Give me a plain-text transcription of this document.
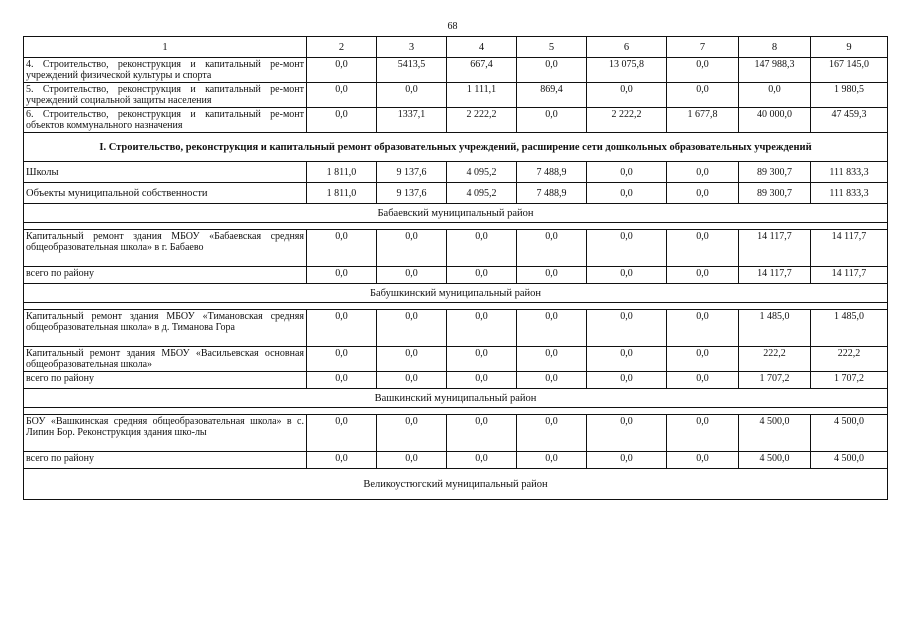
68
1	2	3	4	5	6	7	8	9
4. Строительство, реконструкция и капитальный ре-монт учреждений физической культуры и спорта	0,0	5413,5	667,4	0,0	13 075,8	0,0	147 988,3	167 145,0
5. Строительство, реконструкция и капитальный ре-монт учреждений социальной защиты населения	0,0	0,0	1 111,1	869,4	0,0	0,0	0,0	1 980,5
6. Строительство, реконструкция и капитальный ре-монт объектов коммунального назначения	0,0	1337,1	2 222,2	0,0	2 222,2	1 677,8	40 000,0	47 459,3
I. Строительство, реконструкция и капитальный ремонт образовательных учреждений, расширение сети дошкольных образовательных учреждений								
Школы	1 811,0	9 137,6	4 095,2	7 488,9	0,0	0,0	89 300,7	111 833,3
Объекты муниципальной собственности	1 811,0	9 137,6	4 095,2	7 488,9	0,0	0,0	89 300,7	111 833,3
Бабаевский муниципальный район								

Капитальный ремонт здания МБОУ «Бабаевская средняя общеобразовательная школа» в г. Бабаево	0,0	0,0	0,0	0,0	0,0	0,0	14 117,7	14 117,7
всего по району	0,0	0,0	0,0	0,0	0,0	0,0	14 117,7	14 117,7
Бабушкинский муниципальный район								

Капитальный ремонт здания МБОУ «Тимановская средняя общеобразовательная школа» в д. Тиманова Гора	0,0	0,0	0,0	0,0	0,0	0,0	1 485,0	1 485,0
Капитальный ремонт здания МБОУ «Васильевская основная общеобразовательная школа»	0,0	0,0	0,0	0,0	0,0	0,0	222,2	222,2
всего по району	0,0	0,0	0,0	0,0	0,0	0,0	1 707,2	1 707,2
Вашкинский муниципальный район								

БОУ «Вашкинская средняя общеобразовательная школа» в с. Липин Бор. Реконструкция здания шко-лы	0,0	0,0	0,0	0,0	0,0	0,0	4 500,0	4 500,0
всего по району	0,0	0,0	0,0	0,0	0,0	0,0	4 500,0	4 500,0
Великоустюгский муниципальный район								
